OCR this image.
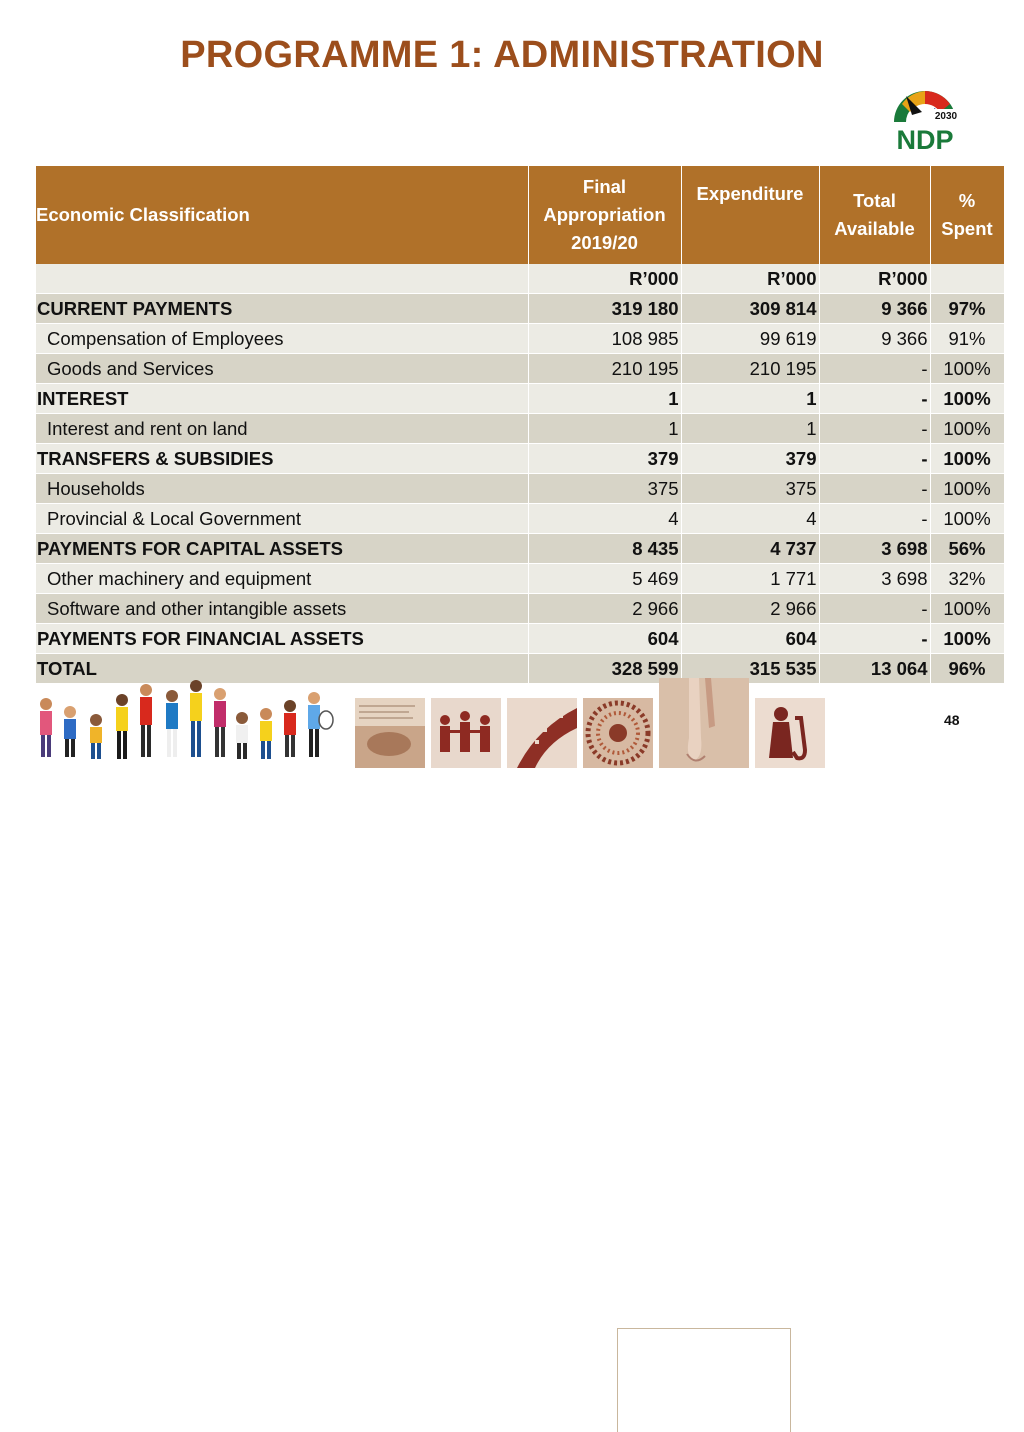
PROGRAMME 1: ADMINISTRATION
2030
NDP
Economic Classification	Final Appropriation 2019/20	Expenditure	Total Available	% Spent
	R’000	R’000	R’000	
CURRENT PAYMENTS	319 180	309 814	9 366	97%
Compensation of Employees	108 985	99 619	9 366	91%
Goods and Services	210 195	210 195	-	100%
INTEREST	1	1	-	100%
Interest and rent on land	1	1	-	100%
TRANSFERS & SUBSIDIES	379	379	-	100%
Households	375	375	-	100%
Provincial & Local Government	4	4	-	100%
PAYMENTS FOR CAPITAL ASSETS	8 435	4 737	3 698	56%
Other machinery and equipment	5 469	1 771	3 698	32%
Software and other intangible assets	2 966	2 966	-	100%
PAYMENTS FOR FINANCIAL ASSETS	604	604	-	100%
TOTAL	328 599	315 535	13 064	96%
48
